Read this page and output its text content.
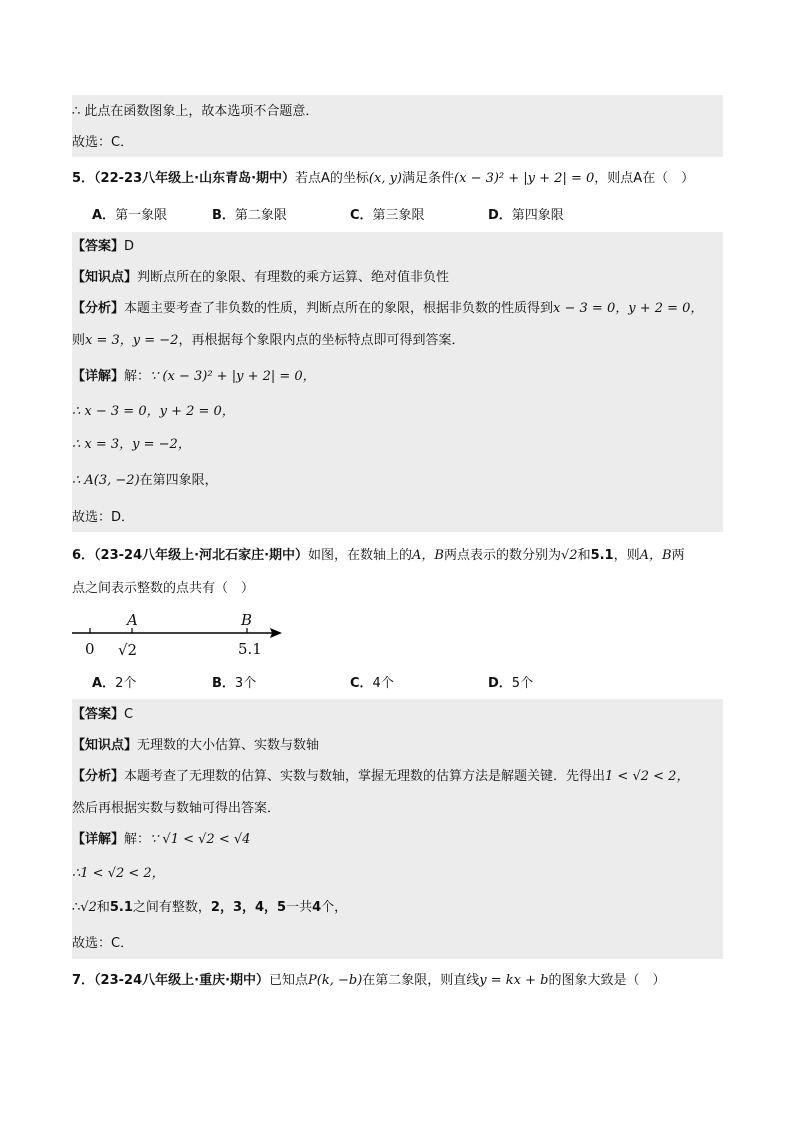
∴ 此点在函数图象上，故本选项不合题意．
故选：C．
5．（22-23八年级上·山东青岛·期中）若点A的坐标(x, y)满足条件(x − 3)² + |y + 2| = 0，则点A在（　）
A．第一象限	B．第二象限	C．第三象限	D．第四象限
【答案】D
【知识点】判断点所在的象限、有理数的乘方运算、绝对值非负性
【分析】本题主要考查了非负数的性质，判断点所在的象限，根据非负数的性质得到x − 3 = 0，y + 2 = 0，
则x = 3，y = −2，再根据每个象限内点的坐标特点即可得到答案．
【详解】解：∵ (x − 3)² + |y + 2| = 0，
∴ x − 3 = 0，y + 2 = 0，
∴ x = 3，y = −2，
∴ A(3, −2)在第四象限，
故选：D．
6．（23-24八年级上·河北石家庄·期中）如图，在数轴上的A，B两点表示的数分别为√2和5.1，则A，B两
点之间表示整数的点共有（　）
A	B
0 √2	5.1
A．2个	B．3个	C．4个	D．5个
【答案】C
【知识点】无理数的大小估算、实数与数轴
【分析】本题考查了无理数的估算、实数与数轴，掌握无理数的估算方法是解题关键．先得出1 < √2 < 2，
然后再根据实数与数轴可得出答案．
【详解】解：∵ √1 < √2 < √4
∴1 < √2 < 2，
∴√2和5.1之间有整数，2，3，4，5一共4个，
故选：C．
7．（23-24八年级上·重庆·期中）已知点P(k, −b)在第二象限，则直线y = kx + b的图象大致是（　）
